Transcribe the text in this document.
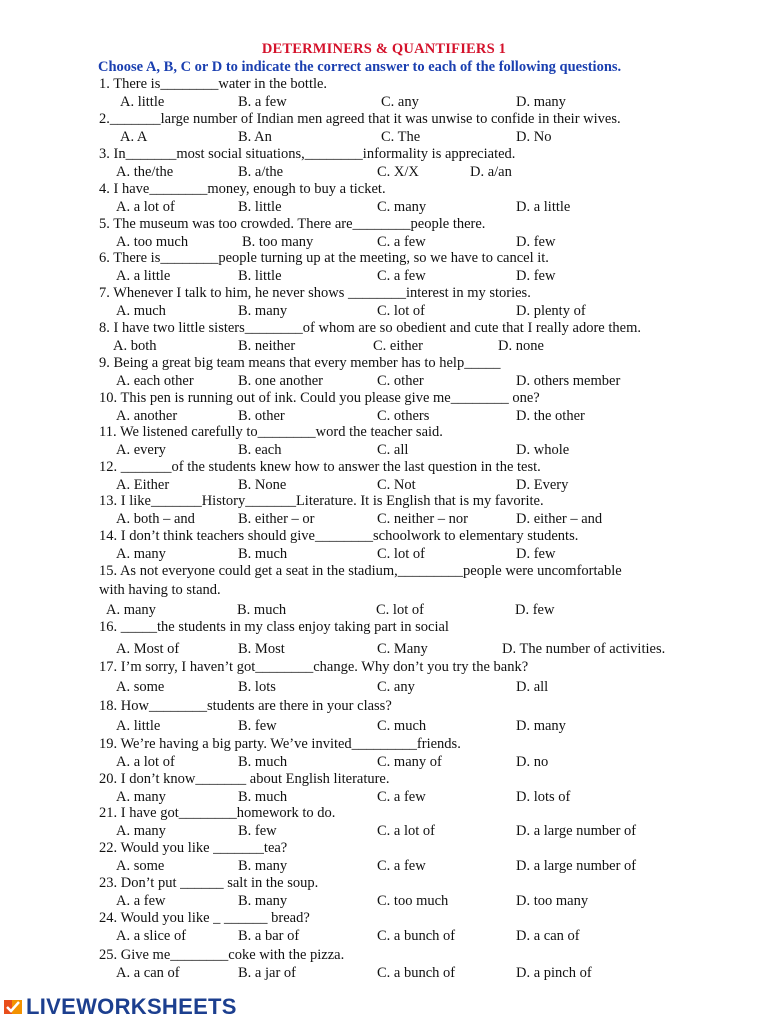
DETERMINERS & QUANTIFIERS 1
Choose A, B, C or D to indicate the correct answer to each of the following questions.
1. There is________water in the bottle.
A. little	B. a few	C. any	D. many
2._______large number of Indian men agreed that it was unwise to confide in their wives.
A. A	B. An	C. The	D. No
3. In_______most social situations,________informality is appreciated.
A. the/the	B. a/the	C. X/X	D. a/an
4. I have________money, enough to buy a ticket.
A. a lot of	B. little	C. many	D. a little
5. The museum was too crowded. There are________people there.
A. too much	B. too many	C. a few	D. few
6. There is________people turning up at the meeting, so we have to cancel it.
A. a little	B. little	C. a few	D. few
7. Whenever I talk to him, he never shows ________interest in my stories.
A. much	B. many	C. lot of	D. plenty of
8. I have two little sisters________of whom are so obedient and cute that I really adore them.
A. both	B. neither	C. either	D. none
9. Being a great big team means that every member has to help_____
A. each other	B. one another	C. other	D. others member
10. This pen is running out of ink. Could you please give me________ one?
A. another	B. other	C. others	D. the other
11. We listened carefully to________word the teacher said.
A. every	B. each	C. all	D. whole
12. _______of the students knew how to answer the last question in the test.
A. Either	B. None	C. Not	D. Every
13. I like_______History_______Literature. It is English that is my favorite.
A. both – and	B. either – or	C. neither – nor	D. either – and
14. I don’t think teachers should give________schoolwork to elementary students.
A. many	B. much	C. lot of	D. few
15. As not everyone could get a seat in the stadium,_________people were uncomfortable
with having to stand.
A. many	B. much	C. lot of	D. few
16. _____the students in my class enjoy taking part in social
A. Most of	B. Most	C. Many	D. The number of activities.
17. I’m sorry, I haven’t got________change. Why don’t you try the bank?
A. some	B. lots	C. any	D. all
18. How________students are there in your class?
A. little	B. few	C. much	D. many
19. We’re having a big party. We’ve invited_________friends.
A. a lot of	B. much	C. many of	D. no
20. I don’t know_______ about English literature.
A. many	B. much	C. a few	D. lots of
21. I have got________homework to do.
A. many	B. few	C. a lot of	D. a large number of
22. Would you like _______tea?
A. some	B. many	C. a few	D. a large number of
23. Don’t put ______ salt in the soup.
A. a few	B. many	C. too much	D. too many
24. Would you like _ ______ bread?
A. a slice of	B. a bar of	C. a bunch of	D. a can of
25. Give me________coke with the pizza.
A. a can of	B. a jar of	C. a bunch of	D. a pinch of
LIVEWORKSHEETS
